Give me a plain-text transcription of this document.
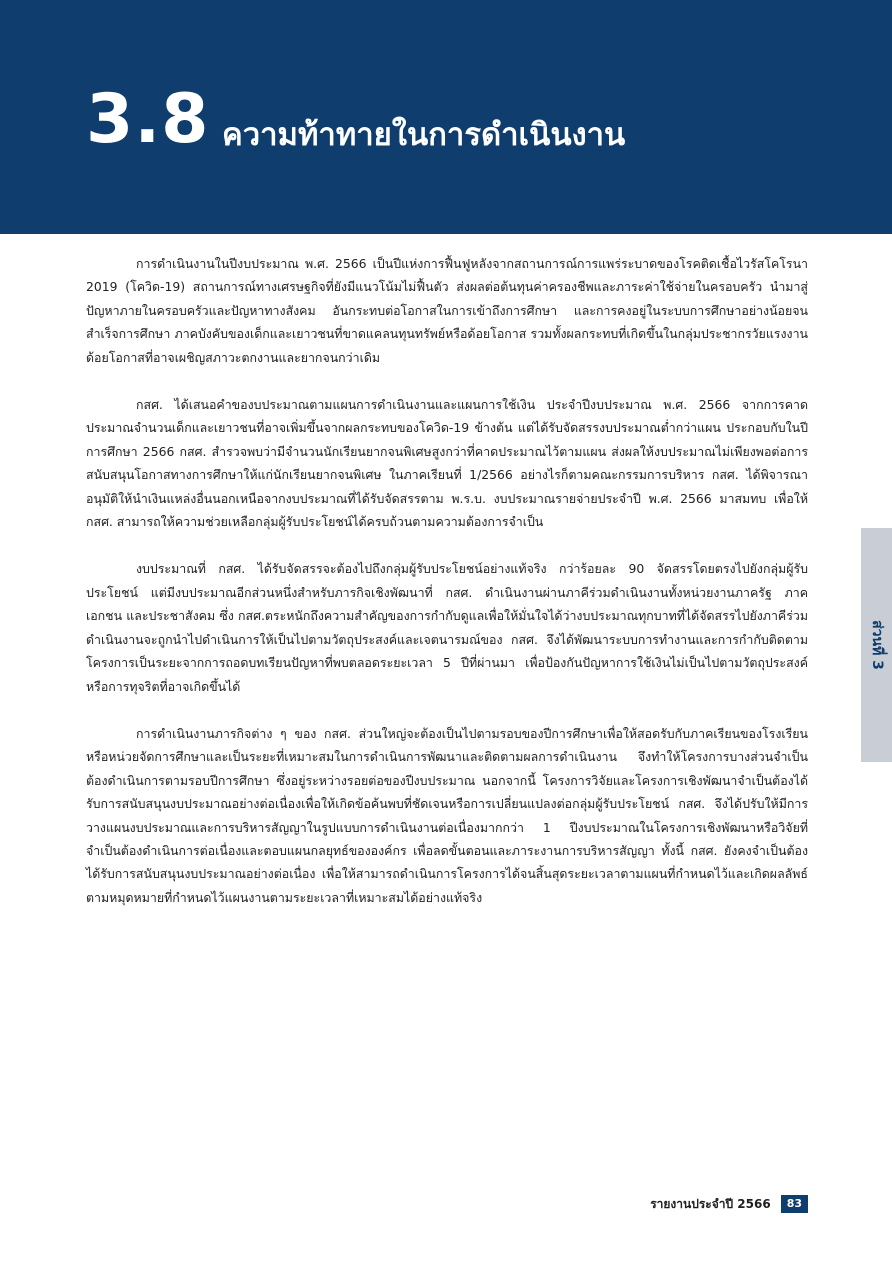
3.8 ความท้าทายในการดำเนินงาน
ส่วนที่ 3

การดำเนินงานในปีงบประมาณ พ.ศ. 2566 เป็นปีแห่งการฟื้นฟูหลังจากสถานการณ์การแพร่ระบาดของโรคติดเชื้อไวรัสโคโรนา 2019 (โควิด-19) สถานการณ์ทางเศรษฐกิจที่ยังมีแนวโน้มไม่ฟื้นตัว ส่งผลต่อต้นทุนค่าครองชีพและภาระค่าใช้จ่ายในครอบครัว นำมาสู่ปัญหาภายในครอบครัวและปัญหาทางสังคม อันกระทบต่อโอกาสในการเข้าถึงการศึกษา และการคงอยู่ในระบบการศึกษาอย่างน้อยจนสำเร็จการศึกษา ภาคบังคับของเด็กและเยาวชนที่ขาดแคลนทุนทรัพย์หรือด้อยโอกาส รวมทั้งผลกระทบที่เกิดขึ้นในกลุ่มประชากรวัยแรงงานด้อยโอกาสที่อาจเผชิญสภาวะตกงานและยากจนกว่าเดิม

กสศ. ได้เสนอคำของบประมาณตามแผนการดำเนินงานและแผนการใช้เงิน ประจำปีงบประมาณ พ.ศ. 2566 จากการคาดประมาณจำนวนเด็กและเยาวชนที่อาจเพิ่มขึ้นจากผลกระทบของโควิด-19 ข้างต้น แต่ได้รับจัดสรรงบประมาณต่ำกว่าแผน ประกอบกับในปีการศึกษา 2566 กสศ. สำรวจพบว่ามีจำนวนนักเรียนยากจนพิเศษสูงกว่าที่คาดประมาณไว้ตามแผน ส่งผลให้งบประมาณไม่เพียงพอต่อการสนับสนุนโอกาสทางการศึกษาให้แก่นักเรียนยากจนพิเศษ ในภาคเรียนที่ 1/2566 อย่างไรก็ตามคณะกรรมการบริหาร กสศ. ได้พิจารณาอนุมัติให้นำเงินแหล่งอื่นนอกเหนือจากงบประมาณที่ได้รับจัดสรรตาม พ.ร.บ. งบประมาณรายจ่ายประจำปี พ.ศ. 2566 มาสมทบ เพื่อให้ กสศ. สามารถให้ความช่วยเหลือกลุ่มผู้รับประโยชน์ได้ครบถ้วนตามความต้องการจำเป็น

งบประมาณที่ กสศ. ได้รับจัดสรรจะต้องไปถึงกลุ่มผู้รับประโยชน์อย่างแท้จริง กว่าร้อยละ 90 จัดสรรโดยตรงไปยังกลุ่มผู้รับประโยชน์ แต่มีงบประมาณอีกส่วนหนึ่งสำหรับภารกิจเชิงพัฒนาที่ กสศ. ดำเนินงานผ่านภาคีร่วมดำเนินงานทั้งหน่วยงานภาครัฐ ภาคเอกชน และประชาสังคม ซึ่ง กสศ.ตระหนักถึงความสำคัญของการกำกับดูแลเพื่อให้มั่นใจได้ว่างบประมาณทุกบาทที่ได้จัดสรรไปยังภาคีร่วมดำเนินงานจะถูกนำไปดำเนินการให้เป็นไปตามวัตถุประสงค์และเจตนารมณ์ของ กสศ. จึงได้พัฒนาระบบการทำงานและการกำกับติดตามโครงการเป็นระยะจากการถอดบทเรียนปัญหาที่พบตลอดระยะเวลา 5 ปีที่ผ่านมา เพื่อป้องกันปัญหาการใช้เงินไม่เป็นไปตามวัตถุประสงค์หรือการทุจริตที่อาจเกิดขึ้นได้

การดำเนินงานภารกิจต่าง ๆ ของ กสศ. ส่วนใหญ่จะต้องเป็นไปตามรอบของปีการศึกษาเพื่อให้สอดรับกับภาคเรียนของโรงเรียนหรือหน่วยจัดการศึกษาและเป็นระยะที่เหมาะสมในการดำเนินการพัฒนาและติดตามผลการดำเนินงาน จึงทำให้โครงการบางส่วนจำเป็นต้องดำเนินการตามรอบปีการศึกษา ซึ่งอยู่ระหว่างรอยต่อของปีงบประมาณ นอกจากนี้ โครงการวิจัยและโครงการเชิงพัฒนาจำเป็นต้องได้รับการสนับสนุนงบประมาณอย่างต่อเนื่องเพื่อให้เกิดข้อค้นพบที่ชัดเจนหรือการเปลี่ยนแปลงต่อกลุ่มผู้รับประโยชน์ กสศ. จึงได้ปรับให้มีการวางแผนงบประมาณและการบริหารสัญญาในรูปแบบการดำเนินงานต่อเนื่องมากกว่า 1 ปีงบประมาณในโครงการเชิงพัฒนาหรือวิจัยที่จำเป็นต้องดำเนินการต่อเนื่องและตอบแผนกลยุทธ์ขององค์กร เพื่อลดขั้นตอนและภาระงานการบริหารสัญญา ทั้งนี้ กสศ. ยังคงจำเป็นต้องได้รับการสนับสนุนงบประมาณอย่างต่อเนื่อง เพื่อให้สามารถดำเนินการโครงการได้จนสิ้นสุดระยะเวลาตามแผนที่กำหนดไว้และเกิดผลลัพธ์ตามหมุดหมายที่กำหนดไว้แผนงานตามระยะเวลาที่เหมาะสมได้อย่างแท้จริง

รายงานประจำปี 2566	83
